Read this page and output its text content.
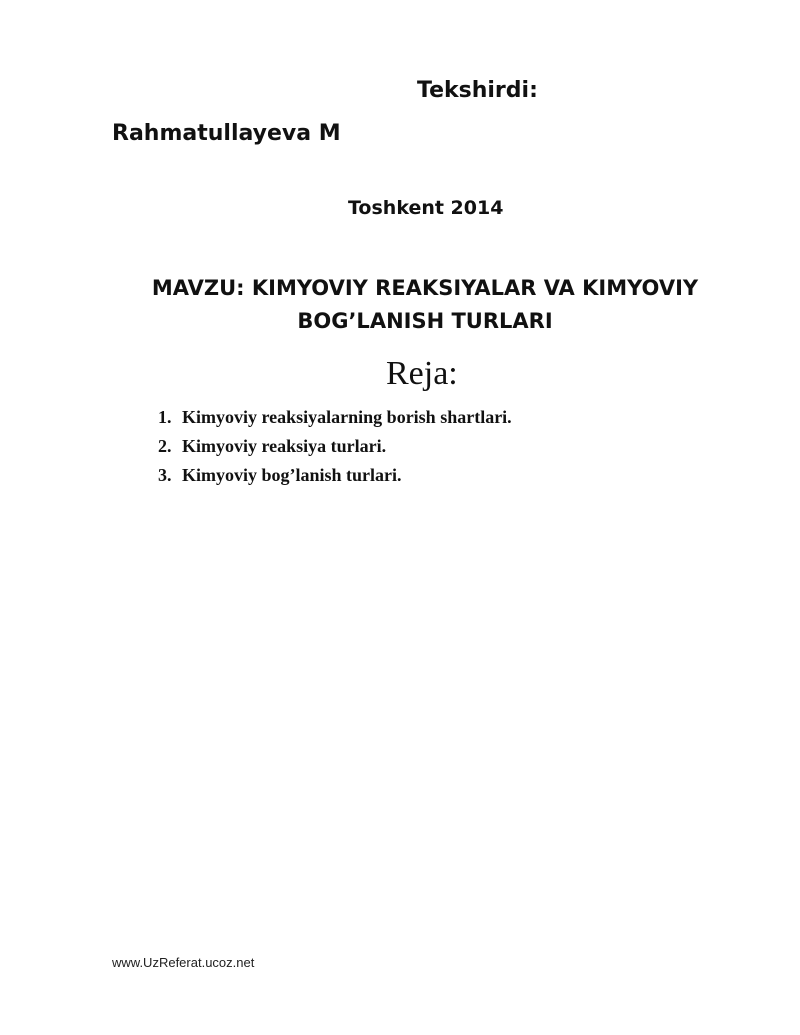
Tekshirdi:
Rahmatullayeva M
Toshkent 2014
MAVZU: KIMYOVIY REAKSIYALAR VA KIMYOVIY
BOG’LANISH TURLARI
Reja:
1. Kimyoviy reaksiyalarning borish shartlari.
2. Kimyoviy reaksiya turlari.
3. Kimyoviy bog’lanish turlari.
www.UzReferat.ucoz.net
